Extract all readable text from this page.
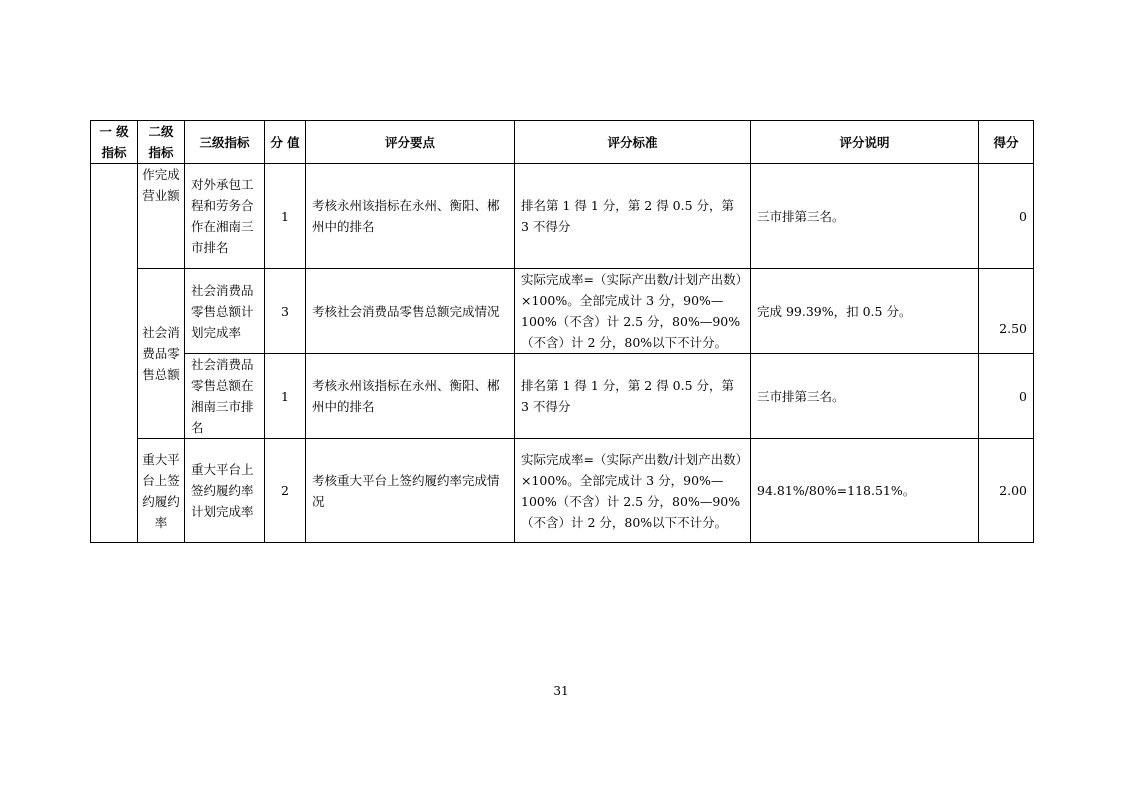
一 级 指标	二级 指标	三级指标	分 值	评分要点	评分标准	评分说明	得分
	作完成营业额	对外承包工程和劳务合作在湘南三市排名	1	考核永州该指标在永州、衡阳、郴州中的排名	排名第 1 得 1 分，第 2 得 0.5 分，第 3 不得分	三市排第三名。	0
	社会消费品零售总额	社会消费品零售总额计划完成率	3	考核社会消费品零售总额完成情况	实际完成率=（实际产出数/计划产出数）×100%。全部完成计 3 分，90%—100%（不含）计 2.5 分，80%—90%（不含）计 2 分，80%以下不计分。	完成 99.39%，扣 0.5 分。	2.50
		社会消费品零售总额在湘南三市排名	1	考核永州该指标在永州、衡阳、郴州中的排名	排名第 1 得 1 分，第 2 得 0.5 分，第 3 不得分	三市排第三名。	0
	重大平台上签约履约率	重大平台上签约履约率计划完成率	2	考核重大平台上签约履约率完成情况	实际完成率=（实际产出数/计划产出数）×100%。全部完成计 3 分，90%—100%（不含）计 2.5 分，80%—90%（不含）计 2 分，80%以下不计分。	94.81%/80%=118.51%。	2.00
31
